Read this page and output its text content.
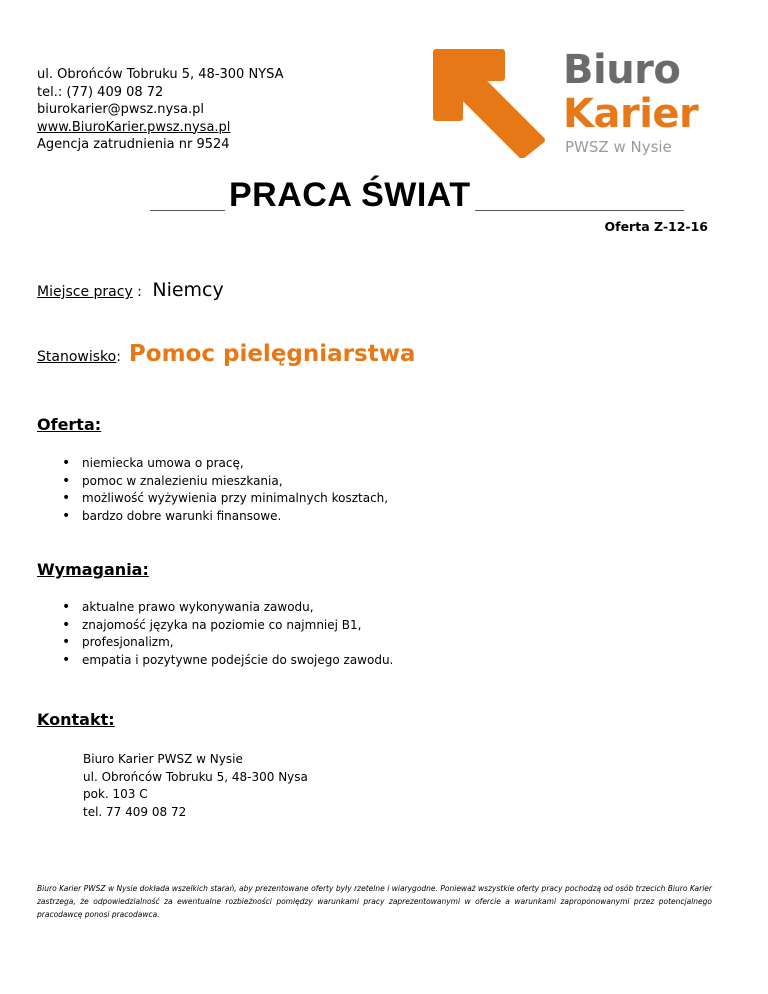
ul. Obrońców Tobruku 5, 48-300 NYSA
tel.: (77) 409 08 72
biurokarier@pwsz.nysa.pl
www.BiuroKarier.pwsz.nysa.pl
Agencja zatrudnienia nr 9524
Biuro
Karier
PWSZ w Nysie
PRACA ŚWIAT
Oferta Z-12-16
Miejsce pracy : Niemcy
Stanowisko: Pomoc pielęgniarstwa
Oferta:
• niemiecka umowa o pracę,
• pomoc w znalezieniu mieszkania,
• możliwość wyżywienia przy minimalnych kosztach,
• bardzo dobre warunki finansowe.
Wymagania:
• aktualne prawo wykonywania zawodu,
• znajomość języka na poziomie co najmniej B1,
• profesjonalizm,
• empatia i pozytywne podejście do swojego zawodu.
Kontakt:
Biuro Karier PWSZ w Nysie
ul. Obrońców Tobruku 5, 48-300 Nysa
pok. 103 C
tel. 77 409 08 72
Biuro Karier PWSZ w Nysie dokłada wszelkich starań, aby prezentowane oferty były rzetelne i wiarygodne. Ponieważ wszystkie oferty pracy pochodzą od osób trzecich Biuro Karier zastrzega, że odpowiedzialność za ewentualne rozbieżności pomiędzy warunkami pracy zaprezentowanymi w ofercie a warunkami zaproponowanymi przez potencjalnego pracodawcę ponosi pracodawca.
